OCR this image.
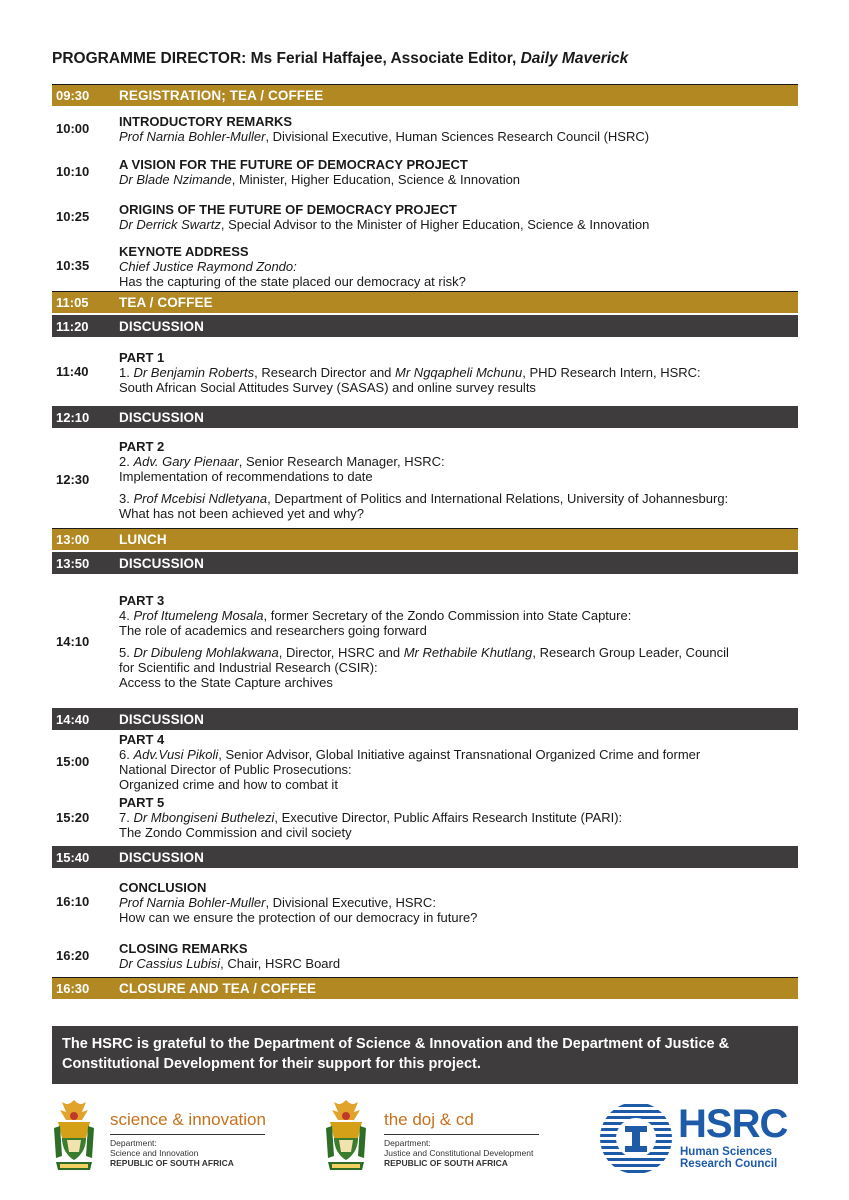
PROGRAMME DIRECTOR: Ms Ferial Haffajee, Associate Editor, Daily Maverick
09:30	REGISTRATION; TEA / COFFEE
10:00	INTRODUCTORY REMARKS
Prof Narnia Bohler-Muller, Divisional Executive, Human Sciences Research Council (HSRC)
10:10	A VISION FOR THE FUTURE OF DEMOCRACY PROJECT
Dr Blade Nzimande, Minister, Higher Education, Science & Innovation
10:25	ORIGINS OF THE FUTURE OF DEMOCRACY PROJECT
Dr Derrick Swartz, Special Advisor to the Minister of Higher Education, Science & Innovation
10:35
KEYNOTE ADDRESS
Chief Justice Raymond Zondo:
Has the capturing of the state placed our democracy at risk?
11:05	TEA / COFFEE
11:20	DISCUSSION
11:40
PART 1
1. Dr Benjamin Roberts, Research Director and Mr Ngqapheli Mchunu, PHD Research Intern, HSRC:
South African Social Attitudes Survey (SASAS) and online survey results
12:10	DISCUSSION
12:30
PART 2
2. Adv. Gary Pienaar, Senior Research Manager, HSRC:
Implementation of recommendations to date
3. Prof Mcebisi Ndletyana, Department of Politics and International Relations, University of Johannesburg:
What has not been achieved yet and why?
13:00	LUNCH
13:50	DISCUSSION
14:10
PART 3
4. Prof Itumeleng Mosala, former Secretary of the Zondo Commission into State Capture:
The role of academics and researchers going forward
5. Dr Dibuleng Mohlakwana, Director, HSRC and Mr Rethabile Khutlang, Research Group Leader, Council
for Scientific and Industrial Research (CSIR):
Access to the State Capture archives
14:40	DISCUSSION
15:00
PART 4
6. Adv.Vusi Pikoli, Senior Advisor, Global Initiative against Transnational Organized Crime and former
National Director of Public Prosecutions:
Organized crime and how to combat it
15:20
PART 5
7. Dr Mbongiseni Buthelezi, Executive Director, Public Affairs Research Institute (PARI):
The Zondo Commission and civil society
15:40	DISCUSSION
16:10
CONCLUSION
Prof Narnia Bohler-Muller, Divisional Executive, HSRC:
How can we ensure the protection of our democracy in future?
16:20	CLOSING REMARKS
Dr Cassius Lubisi, Chair, HSRC Board
16:30	CLOSURE AND TEA / COFFEE
The HSRC is grateful to the Department of Science & Innovation and the Department of Justice & Constitutional Development for their support for this project.
science & innovation
Department:
Science and Innovation
REPUBLIC OF SOUTH AFRICA
the doj & cd
Department:
Justice and Constitutional Development
REPUBLIC OF SOUTH AFRICA
HSRC
Human Sciences
Research Council
